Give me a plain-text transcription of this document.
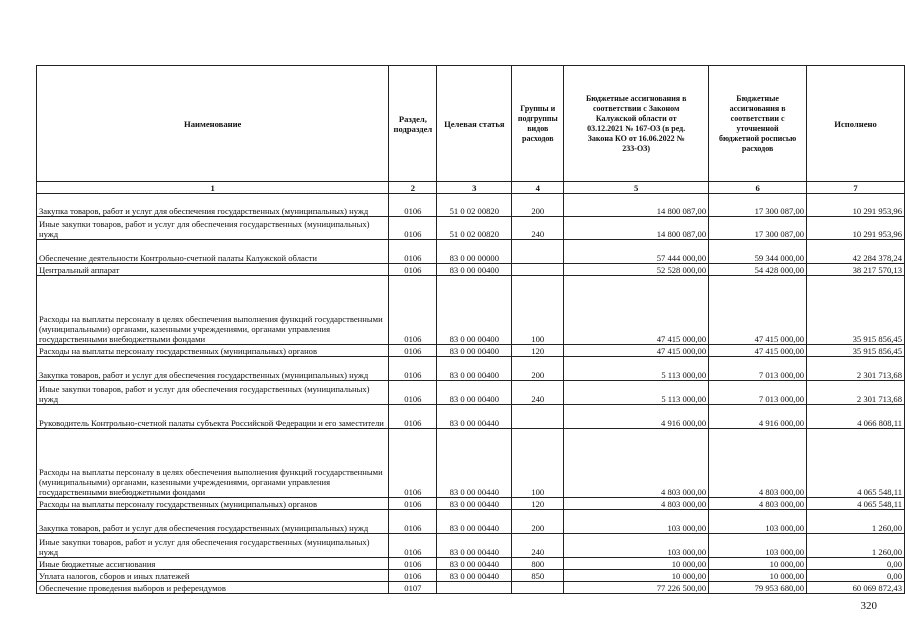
Наименование	Раздел, подраздел	Целевая статья	Группы и подгруппы видов расходов	Бюджетные ассигнования в соответствии с Законом Калужской области от 03.12.2021 № 167-ОЗ (в ред. Закона КО от 16.06.2022 № 233-ОЗ)	Бюджетные ассигнования в соответствии с уточненной бюджетной росписью расходов	Исполнено
1	2	3	4	5	6	7
Закупка товаров, работ и услуг для обеспечения государственных (муниципальных) нужд	0106	51 0 02 00820	200	14 800 087,00	17 300 087,00	10 291 953,96
Иные закупки товаров, работ и услуг для обеспечения государственных (муниципальных) нужд	0106	51 0 02 00820	240	14 800 087,00	17 300 087,00	10 291 953,96
Обеспечение деятельности Контрольно-счетной палаты Калужской области	0106	83 0 00 00000		57 444 000,00	59 344 000,00	42 284 378,24
Центральный аппарат	0106	83 0 00 00400		52 528 000,00	54 428 000,00	38 217 570,13
Расходы на выплаты персоналу в целях обеспечения выполнения функций государственными (муниципальными) органами, казенными учреждениями, органами управления государственными внебюджетными фондами	0106	83 0 00 00400	100	47 415 000,00	47 415 000,00	35 915 856,45
Расходы на выплаты персоналу государственных (муниципальных) органов	0106	83 0 00 00400	120	47 415 000,00	47 415 000,00	35 915 856,45
Закупка товаров, работ и услуг для обеспечения государственных (муниципальных) нужд	0106	83 0 00 00400	200	5 113 000,00	7 013 000,00	2 301 713,68
Иные закупки товаров, работ и услуг для обеспечения государственных (муниципальных) нужд	0106	83 0 00 00400	240	5 113 000,00	7 013 000,00	2 301 713,68
Руководитель Контрольно-счетной палаты субъекта Российской Федерации и его заместители	0106	83 0 00 00440		4 916 000,00	4 916 000,00	4 066 808,11
Расходы на выплаты персоналу в целях обеспечения выполнения функций государственными (муниципальными) органами, казенными учреждениями, органами управления государственными внебюджетными фондами	0106	83 0 00 00440	100	4 803 000,00	4 803 000,00	4 065 548,11
Расходы на выплаты персоналу государственных (муниципальных) органов	0106	83 0 00 00440	120	4 803 000,00	4 803 000,00	4 065 548,11
Закупка товаров, работ и услуг для обеспечения государственных (муниципальных) нужд	0106	83 0 00 00440	200	103 000,00	103 000,00	1 260,00
Иные закупки товаров, работ и услуг для обеспечения государственных (муниципальных) нужд	0106	83 0 00 00440	240	103 000,00	103 000,00	1 260,00
Иные бюджетные ассигнования	0106	83 0 00 00440	800	10 000,00	10 000,00	0,00
Уплата налогов, сборов и иных платежей	0106	83 0 00 00440	850	10 000,00	10 000,00	0,00
Обеспечение проведения выборов и референдумов	0107			77 226 500,00	79 953 680,00	60 069 872,43
320
